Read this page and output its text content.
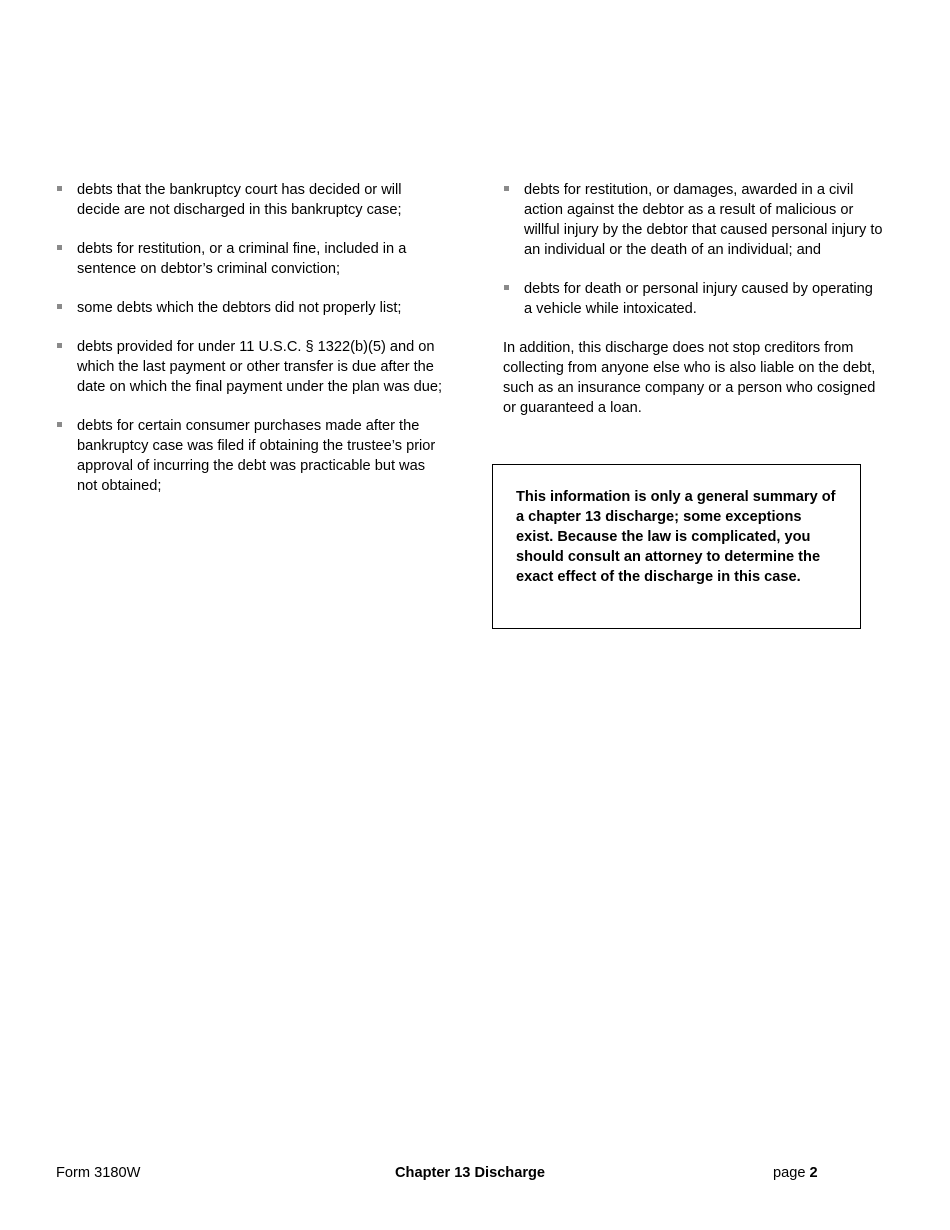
debts that the bankruptcy court has decided or will decide are not discharged in this bankruptcy case;
debts for restitution, or a criminal fine, included in a sentence on debtor’s criminal conviction;
some debts which the debtors did not properly list;
debts provided for under 11 U.S.C. § 1322(b)(5) and on which the last payment or other transfer is due after the date on which the final payment under the plan was due;
debts for certain consumer purchases made after the bankruptcy case was filed if obtaining the trustee’s prior approval of incurring the debt was practicable but was not obtained;
debts for restitution, or damages, awarded in a civil action against the debtor as a result of malicious or willful injury by the debtor that caused personal injury to an individual or the death of an individual; and
debts for death or personal injury caused by operating a vehicle while intoxicated.

In addition, this discharge does not stop creditors from collecting from anyone else who is also liable on the debt, such as an insurance company or a person who cosigned or guaranteed a loan.

This information is only a general summary of a chapter 13 discharge; some exceptions exist. Because the law is complicated, you should consult an attorney to determine the exact effect of the discharge in this case.
Form 3180W	Chapter 13 Discharge	page 2
